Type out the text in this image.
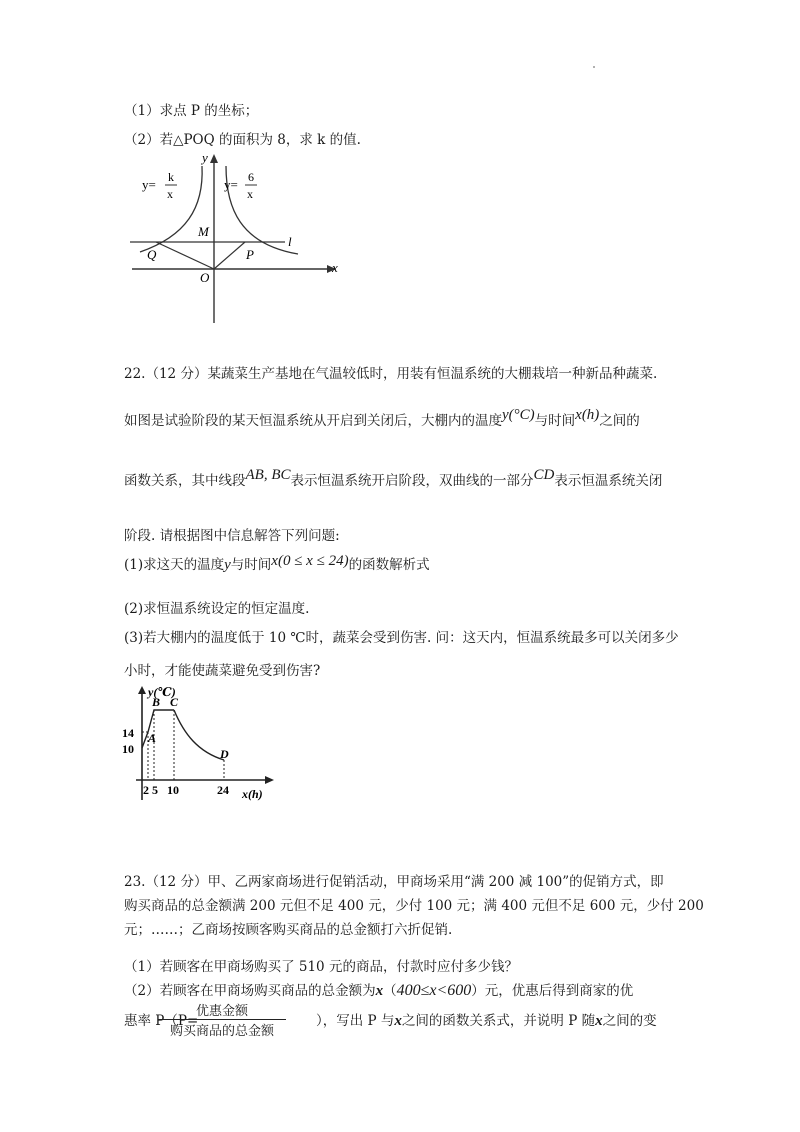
（1）求点 P 的坐标；
（2）若△POQ 的面积为 8，求 k 的值.
y
x
l
M
Q	P
O
y= k
x
y= 6
x
22.（12 分）某蔬菜生产基地在气温较低时，用装有恒温系统的大棚栽培一种新品种蔬菜.
如图是试验阶段的某天恒温系统从开启到关闭后，大棚内的温度y(°C)与时间x(h)之间的
函数关系，其中线段AB, BC表示恒温系统开启阶段，双曲线的一部分CD表示恒温系统关闭
阶段. 请根据图中信息解答下列问题:
(1)求这天的温度y与时间x(0 ≤ x ≤ 24)的函数解析式
(2)求恒温系统设定的恒定温度.
(3)若大棚内的温度低于 10 ℃时，蔬菜会受到伤害. 问：这天内，恒温系统最多可以关闭多少
小时，才能使蔬菜避免受到伤害?
y(℃)
14
10
2 5 10	24 x(h)
A
B C
D
23.（12 分）甲、乙两家商场进行促销活动，甲商场采用“满 200 减 100”的促销方式，即
购买商品的总金额满 200 元但不足 400 元，少付 100 元；满 400 元但不足 600 元，少付 200
元；……；乙商场按顾客购买商品的总金额打六折促销.
（1）若顾客在甲商场购买了 510 元的商品，付款时应付多少钱？
（2）若顾客在甲商场购买商品的总金额为x（400≤x<600）元，优惠后得到商家的优
惠率 P（P=
优惠金额
购买商品的总金额
），写出 P 与x之间的函数关系式，并说明 P 随x之间的变
